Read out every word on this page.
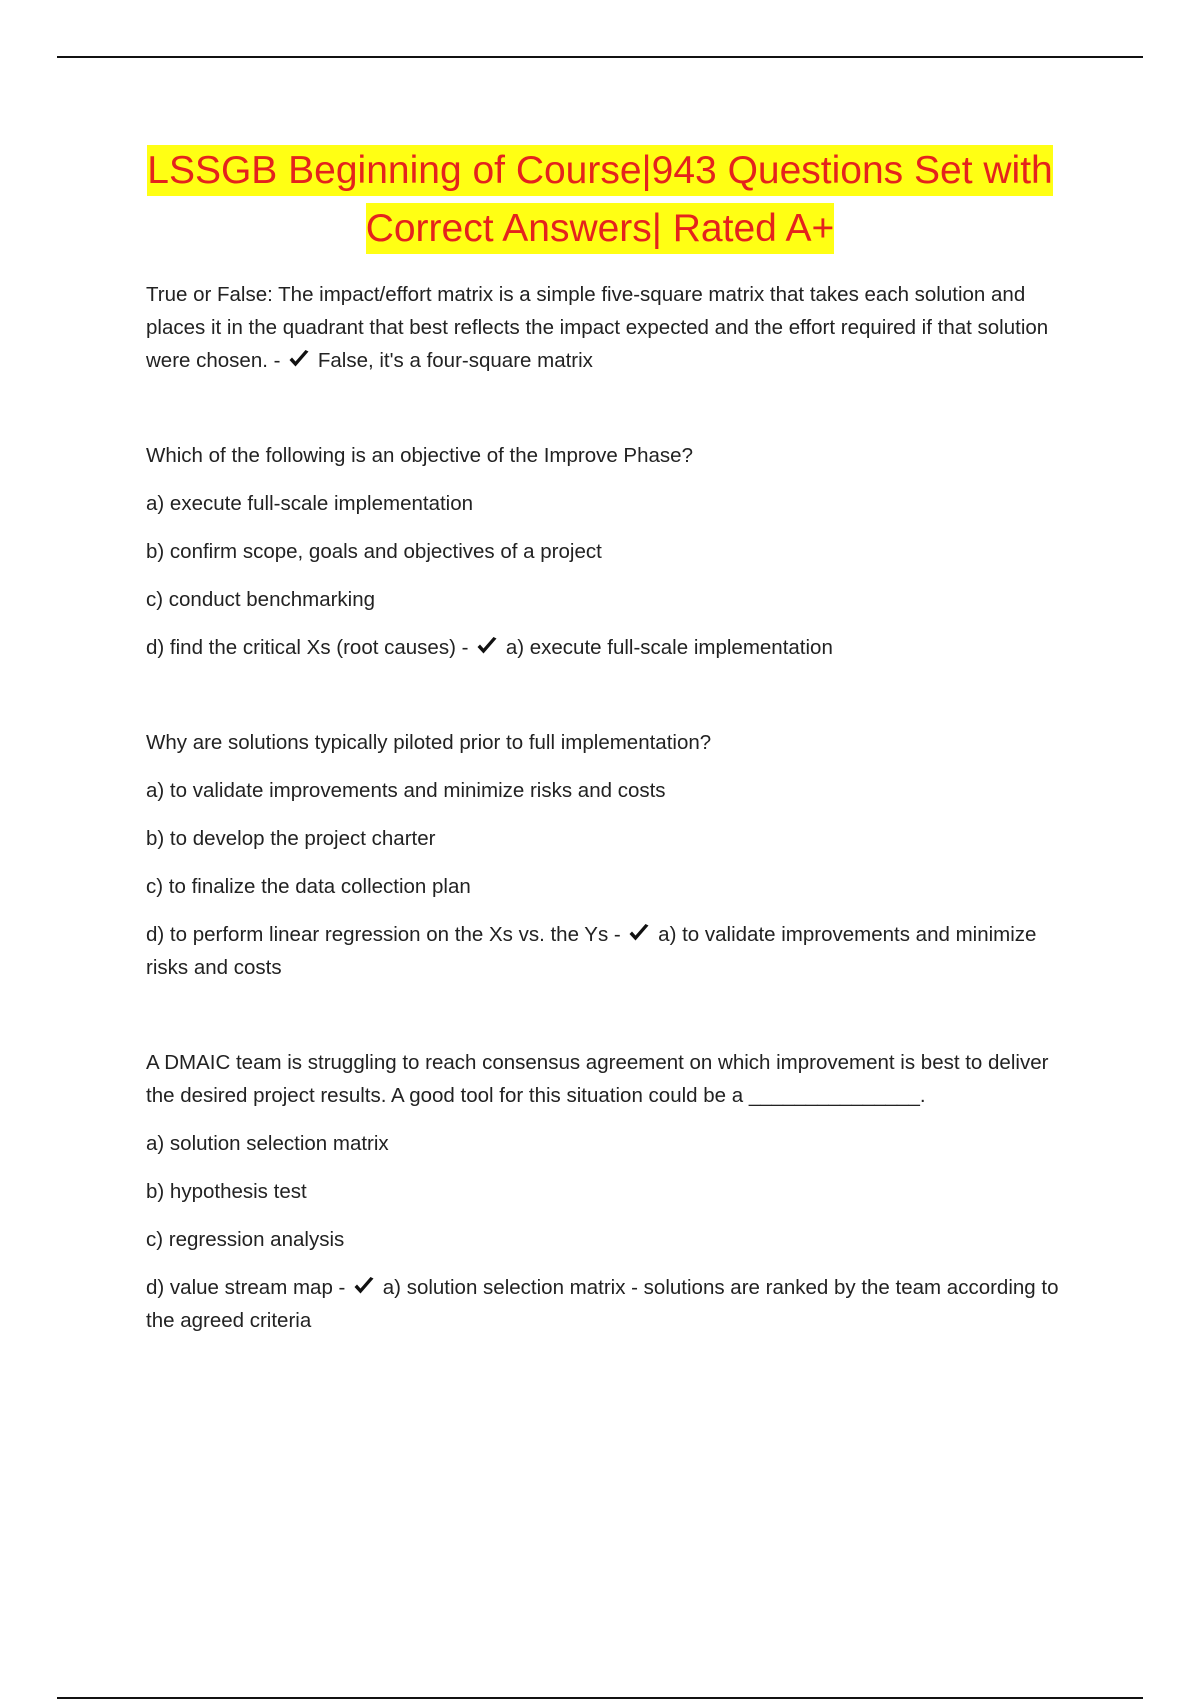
LSSGB Beginning of Course|943 Questions Set with
Correct Answers| Rated A+

True or False: The impact/effort matrix is a simple five-square matrix that takes each solution and places it in the quadrant that best reflects the impact expected and the effort required if that solution were chosen. - False, it's a four-square matrix

Which of the following is an objective of the Improve Phase?

a) execute full-scale implementation

b) confirm scope, goals and objectives of a project

c) conduct benchmarking

d) find the critical Xs (root causes) - a) execute full-scale implementation

Why are solutions typically piloted prior to full implementation?

a) to validate improvements and minimize risks and costs

b) to develop the project charter

c) to finalize the data collection plan

d) to perform linear regression on the Xs vs. the Ys - a) to validate improvements and minimize risks and costs

A DMAIC team is struggling to reach consensus agreement on which improvement is best to deliver the desired project results. A good tool for this situation could be a _______________.

a) solution selection matrix

b) hypothesis test

c) regression analysis

d) value stream map - a) solution selection matrix - solutions are ranked by the team according to the agreed criteria
